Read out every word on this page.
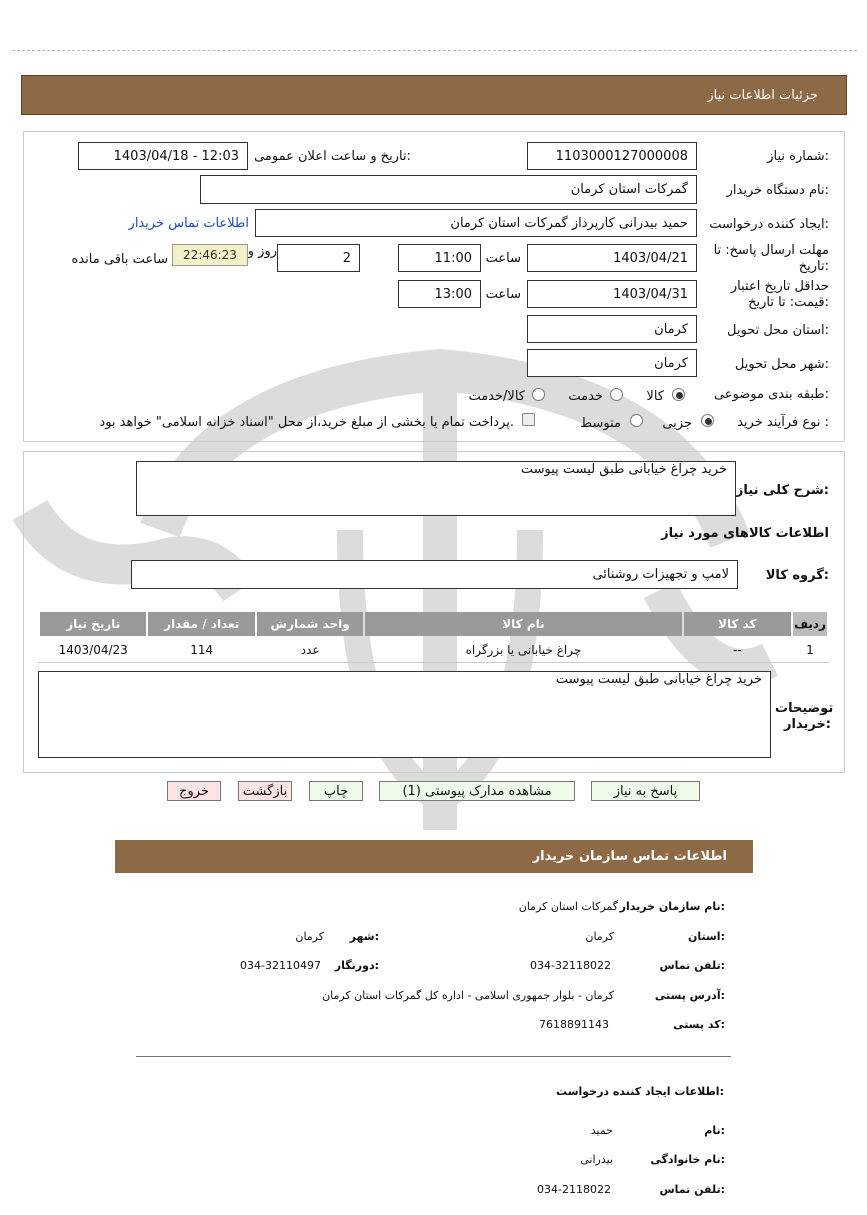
جزئیات اطلاعات نیاز
شماره نیاز:
1103000127000008
تاریخ و ساعت اعلان عمومی:
1403/04/18 - 12:03
نام دستگاه خریدار:
گمرکات استان کرمان
ایجاد کننده درخواست:
حمید بیدرانی کارپرداز گمرکات استان کرمان
اطلاعات تماس خریدار
مهلت ارسال پاسخ: تا تاریخ:
1403/04/21
ساعت
11:00
2
روز و
22:46:23
ساعت باقی مانده
حداقل تاریخ اعتبار قیمت: تا تاریخ:
1403/04/31
ساعت
13:00
استان محل تحویل:
کرمان
شهر محل تحویل:
کرمان
طبقه بندی موضوعی:
کالا
خدمت
کالا/خدمت
نوع فرآیند خرید :
جزیی
متوسط
پرداخت تمام یا بخشی از مبلغ خرید،از محل "اسناد خزانه اسلامی" خواهد بود.
شرح کلی نیاز:
خرید چراغ خیابانی طبق لیست پیوست
اطلاعات کالاهای مورد نیاز
گروه کالا:
لامپ و تجهیزات روشنائی
ردیف	کد کالا	نام کالا	واحد شمارش	تعداد / مقدار	تاریخ نیاز
1	--	چراغ خیابانی یا بزرگراه	عدد	114	1403/04/23
توضیحات خریدار:
خرید چراغ خیابانی طبق لیست پیوست
پاسخ به نیاز
مشاهده مدارک پیوستی (1)
چاپ
بازگشت
خروج
اطلاعات تماس سازمان خریدار
نام سازمان خریدار:
گمرکات استان کرمان
استان:
کرمان
شهر:
کرمان
تلفن تماس:
034-32118022
دورنگار:
034-32110497
آدرس پستی:
کرمان - بلوار جمهوری اسلامی - اداره کل گمرکات استان کرمان
کد پستی:
7618891143
اطلاعات ایجاد کننده درخواست:
نام:
حمید
نام خانوادگی:
بیدرانی
تلفن تماس:
034-2118022
